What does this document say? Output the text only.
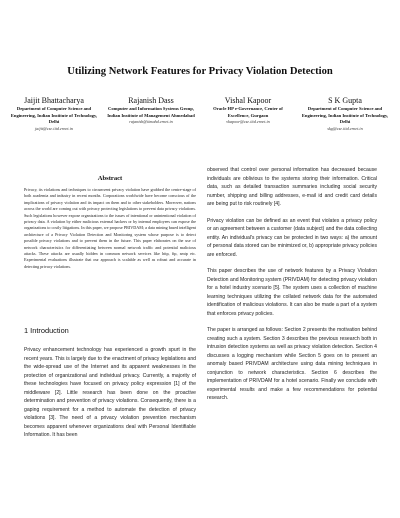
Utilizing Network Features for Privacy Violation Detection
Jaijit Bhattacharya
Department of Computer Science and Engineering, Indian Institute of Technology, Delhi
jaijit@cse.iitd.ernet.in
Rajanish Dass
Computer and Information Systems Group, Indian Institute of Management Ahmedabad
rajanish@iimahd.ernet.in
Vishal Kapoor
Oracle HP e-Governance, Center of Excellence, Gurgaon
vkapoor@cse.iitd.ernet.in
S K Gupta
Department of Computer Science and Engineering, Indian Institute of Technology, Delhi
skg@cse.iitd.ernet.in
Abstract
Privacy, its violations and techniques to circumvent privacy violation have grabbed the centre-stage of both academia and industry in recent months. Corporations worldwide have become conscious of the implications of privacy violation and its impact on them and to other stakeholders. Moreover, nations across the world are coming out with privacy protecting legislations to prevent data privacy violations. Such legislations however expose organizations to the issues of intentional or unintentional violation of privacy data. A violation by either malicious external hackers or by internal employees can expose the organizations to costly litigations. In this paper, we propose PRIVDAM; a data mining based intelligent architecture of a Privacy Violation Detection and Monitoring system whose purpose is to detect possible privacy violations and to prevent them in the future. This paper elaborates on the use of network characteristics for differentiating between normal network traffic and potential malicious attacks. These attacks are usually hidden in common network services like http, ftp, smtp etc. Experimental evaluations illustrate that our approach is scalable as well as robust and accurate in detecting privacy violations.
1 Introduction

Privacy enhancement technology has experienced a growth spurt in the recent years. This is largely due to the enactment of privacy legislations and the wide-spread use of the Internet and its apparent weaknesses in the protection of organizational and individual privacy. Currently, a majority of these technologies have focused on privacy policy expression [1] of the middleware [2]. Little research has been done on the proactive determination and prevention of privacy violations. Consequently, there is a gaping requirement for a method to automate the detection of privacy violations [3]. The need of a privacy violation prevention mechanism becomes apparent whenever organizations deal with Personal Identifiable Information. It has been

observed that control over personal information has decreased because individuals are oblivious to the systems storing their information. Critical data, such as detailed transaction summaries including social security number, shipping and billing addresses, e-mail id and credit card details are being put to risk routinely [4].

Privacy violation can be defined as an event that violates a privacy policy or an agreement between a customer (data subject) and the data collecting entity. An individual's privacy can be protected in two ways: a) the amount of personal data stored can be minimized or, b) appropriate privacy policies are enforced.

This paper describes the use of network features by a Privacy Violation Detection and Monitoring system (PRIVDAM) for detecting privacy violation for a hotel industry scenario [5]. The system uses a collection of machine learning techniques utilizing the collated network data for the automated identification of malicious violations. It can also be made a part of a system that enforces privacy policies.

The paper is arranged as follows: Section 2 presents the motivation behind creating such a system. Section 3 describes the previous research both in intrusion detection systems as well as privacy violation detection. Section 4 discusses a logging mechanism while Section 5 goes on to present an anomaly based PRIVDAM architecture using data mining techniques in conjunction to network characteristics. Section 6 describes the implementation of PRIVDAM for a hotel scenario. Finally we conclude with experimental results and make a few recommendations for potential research.
